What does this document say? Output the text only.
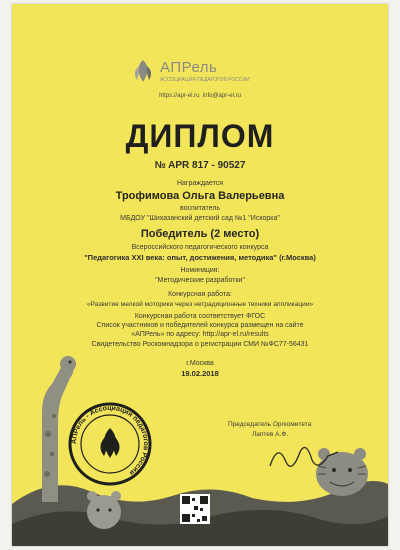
АПРель - Ассоциация педагогов России
АПРель
АССОЦИАЦИЯ ПЕДАГОГОВ РОССИИ
https://apr-el.ru info@apr-el.ru
ДИПЛОМ
№ APR 817 - 90527
Награждается
Трофимова Ольга Валерьевна
воспитатель
МБДОУ "Шихазанский детский сад №1 "Искорка"
Победитель (2 место)
Всероссийского педагогического конкурса
"Педагогика XXI века: опыт, достижения, методика" (г.Москва)
Номинация:
"Методические разработки"
Конкурсная работа:
«Развитие мелкой моторики через нетрадиционные техники аппликации»
Конкурсная работа соответствует ФГОС
Список участников и победителей конкурса размещен на сайте
«АПРель» по адресу: http://apr-el.ru/results
Свидетельство Роскомнадзора о регистрации СМИ №ФС77-56431
г.Москва
19.02.2018
Председатель Оргкомитета
Лаптев А.Ф.
